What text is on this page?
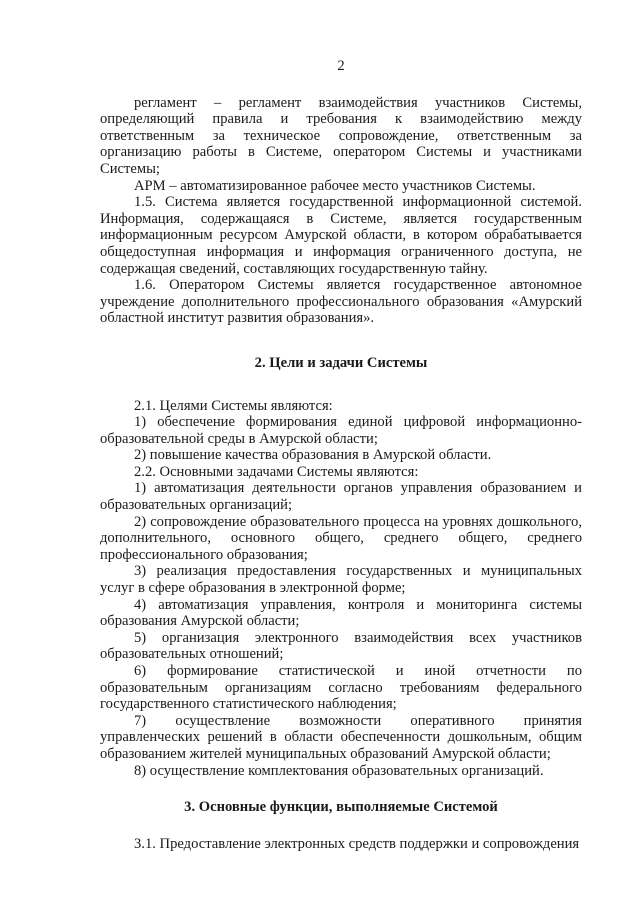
2

регламент – регламент взаимодействия участников Системы, определяющий правила и требования к взаимодействию между ответственным за техническое сопровождение, ответственным за организацию работы в Системе, оператором Системы и участниками Системы;

АРМ – автоматизированное рабочее место участников Системы.

1.5. Система является государственной информационной системой. Информация, содержащаяся в Системе, является государственным информационным ресурсом Амурской области, в котором обрабатывается общедоступная информация и информация ограниченного доступа, не содержащая сведений, составляющих государственную тайну.

1.6. Оператором Системы является государственное автономное учреждение дополнительного профессионального образования «Амурский областной институт развития образования».

2. Цели и задачи Системы

2.1. Целями Системы являются:

1) обеспечение формирования единой цифровой информационно-образовательной среды в Амурской области;

2) повышение качества образования в Амурской области.

2.2. Основными задачами Системы являются:

1) автоматизация деятельности органов управления образованием и образовательных организаций;

2) сопровождение образовательного процесса на уровнях дошкольного, дополнительного, основного общего, среднего общего, среднего профессионального образования;

3) реализация предоставления государственных и муниципальных услуг в сфере образования в электронной форме;

4) автоматизация управления, контроля и мониторинга системы образования Амурской области;

5) организация электронного взаимодействия всех участников образовательных отношений;

6) формирование статистической и иной отчетности по образовательным организациям согласно требованиям федерального государственного статистического наблюдения;

7) осуществление возможности оперативного принятия управленческих решений в области обеспеченности дошкольным, общим образованием жителей муниципальных образований Амурской области;

8) осуществление комплектования образовательных организаций.

3. Основные функции, выполняемые Системой

3.1. Предоставление электронных средств поддержки и сопровождения
